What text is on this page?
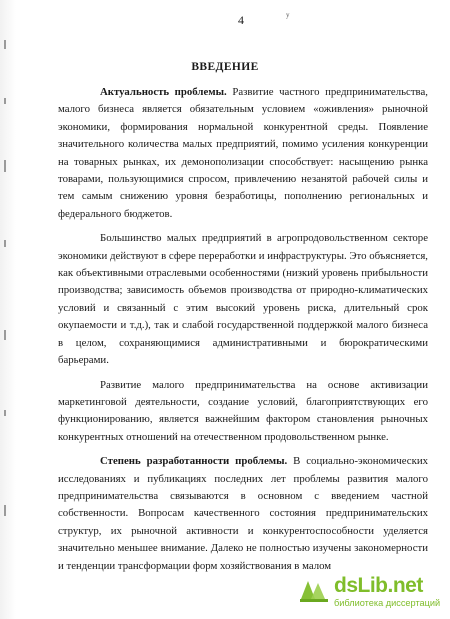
4	у
ВВЕДЕНИЕ

Актуальность проблемы. Развитие частного предпринимательства, малого бизнеса является обязательным условием «оживления» рыночной экономики, формирования нормальной конкурентной среды. Появление значительного количества малых предприятий, помимо усиления конкуренции на товарных рынках, их демонополизации способствует: насыщению рынка товарами, пользующимися спросом, привлечению незанятой рабочей силы и тем самым снижению уровня безработицы, пополнению региональных и федерального бюджетов.

Большинство малых предприятий в агропродовольственном секторе экономики действуют в сфере переработки и инфраструктуры. Это объясняется, как объективными отраслевыми особенностями (низкий уровень прибыльности производства; зависимость объемов производства от природно-климатических условий и связанный с этим высокий уровень риска, длительный срок окупаемости и т.д.), так и слабой государственной поддержкой малого бизнеса в целом, сохраняющимися административными и бюрократическими барьерами.

Развитие малого предпринимательства на основе активизации маркетинговой деятельности, создание условий, благоприятствующих его функционированию, является важнейшим фактором становления рыночных конкурентных отношений на отечественном продовольственном рынке.

Степень разработанности проблемы. В социально-экономических исследованиях и публикациях последних лет проблемы развития малого предпринимательства связываются в основном с введением частной собственности. Вопросам качественного состояния предпринимательских структур, их рыночной активности и конкурентоспособности уделяется значительно меньшее внимание. Далеко не полностью изучены закономерности и тенденции трансформации форм хозяйствования в малом

dsLib.net
библиотека диссертаций
